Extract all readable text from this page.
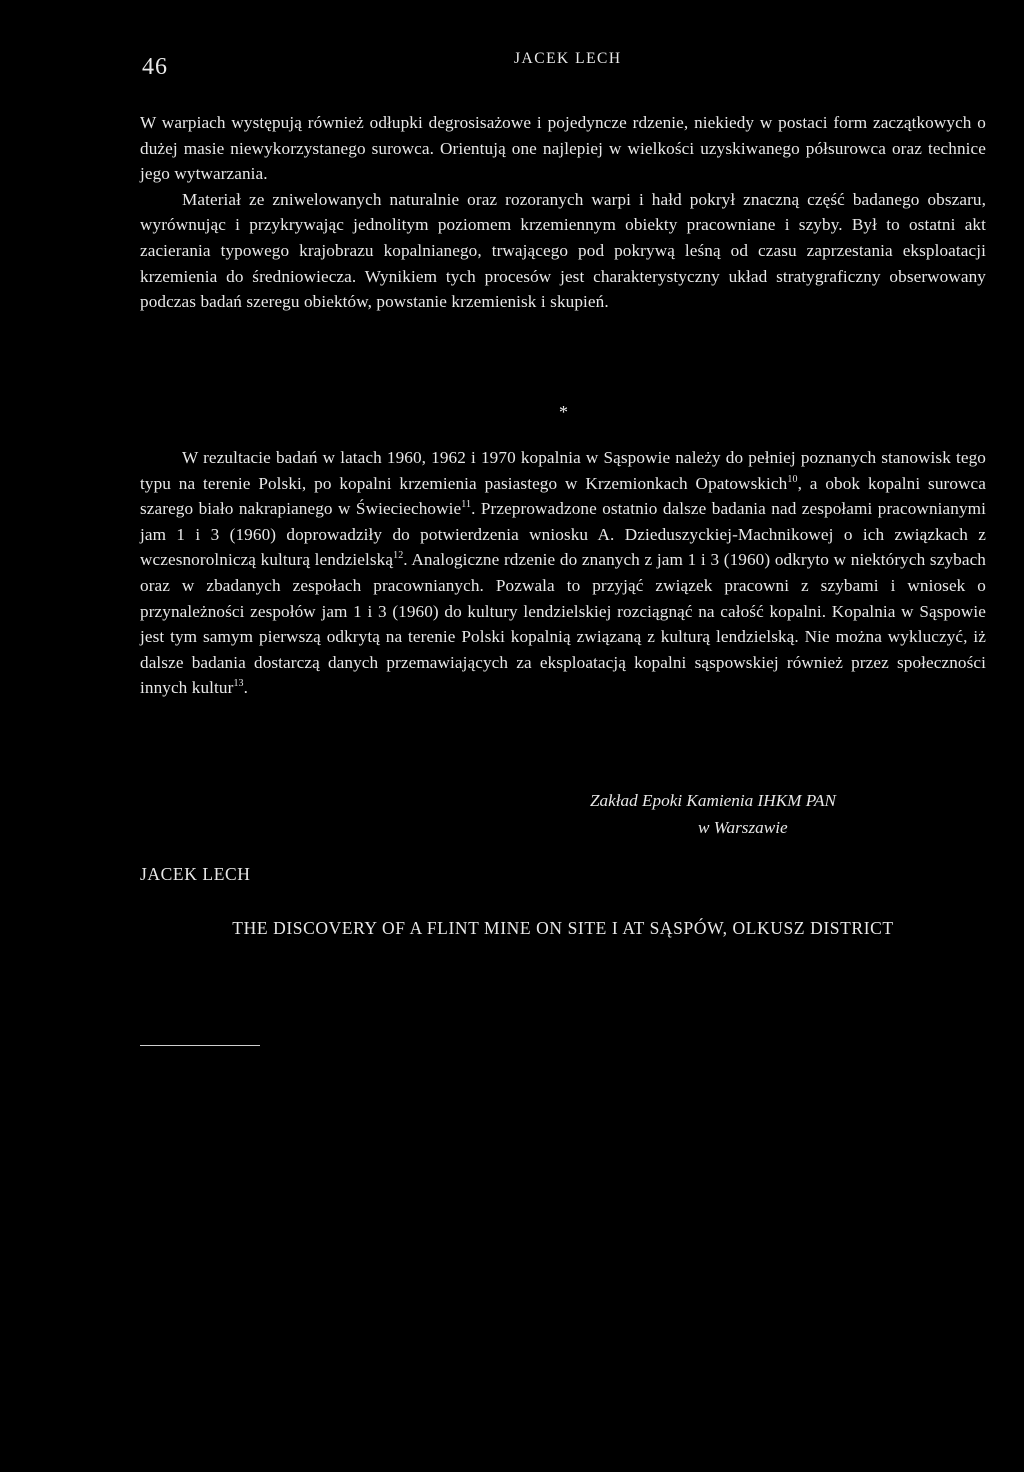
46	JACEK LECH

W warpiach występują również odłupki degrosisażowe i pojedyncze rdzenie, niekiedy w postaci form zaczątkowych o dużej masie niewykorzystanego surowca. Orientują one najlepiej w wielkości uzyskiwanego półsurowca oraz technice jego wytwarzania.

Materiał ze zniwelowanych naturalnie oraz rozoranych warpi i hałd pokrył znaczną część badanego obszaru, wyrównując i przykrywając jednolitym poziomem krzemiennym obiekty pracowniane i szyby. Był to ostatni akt zacierania typowego krajobrazu kopalnianego, trwającego pod pokrywą leśną od czasu zaprzestania eksploatacji krzemienia do średniowiecza. Wynikiem tych procesów jest charakterystyczny układ stratygraficzny obserwowany podczas badań szeregu obiektów, powstanie krzemienisk i skupień.

*

W rezultacie badań w latach 1960, 1962 i 1970 kopalnia w Sąspowie należy do pełniej poznanych stanowisk tego typu na terenie Polski, po kopalni krzemienia pasiastego w Krzemionkach Opatowskich$^{10}$, a obok kopalni surowca szarego biało nakrapianego w Świeciechowie$^{11}$. Przeprowadzone ostatnio dalsze badania nad zespołami pracownianymi jam 1 i 3 (1960) doprowadziły do potwierdzenia wniosku A. Dzieduszyckiej-Machnikowej o ich związkach z wczesnorolniczą kulturą lendzielską$^{12}$. Analogiczne rdzenie do znanych z jam 1 i 3 (1960) odkryto w niektórych szybach oraz w zbadanych zespołach pracownianych. Pozwala to przyjąć związek pracowni z szybami i wniosek o przynależności zespołów jam 1 i 3 (1960) do kultury lendzielskiej rozciągnąć na całość kopalni. Kopalnia w Sąspowie jest tym samym pierwszą odkrytą na terenie Polski kopalnią związaną z kulturą lendzielską. Nie można wykluczyć, iż dalsze badania dostarczą danych przemawiających za eksploatacją kopalni sąspowskiej również przez społeczności innych kultur$^{13}$.

Zakład Epoki Kamienia IHKM PAN
w Warszawie
JACEK LECH
THE DISCOVERY OF A FLINT MINE ON SITE I AT SĄSPÓW, OLKUSZ DISTRICT
